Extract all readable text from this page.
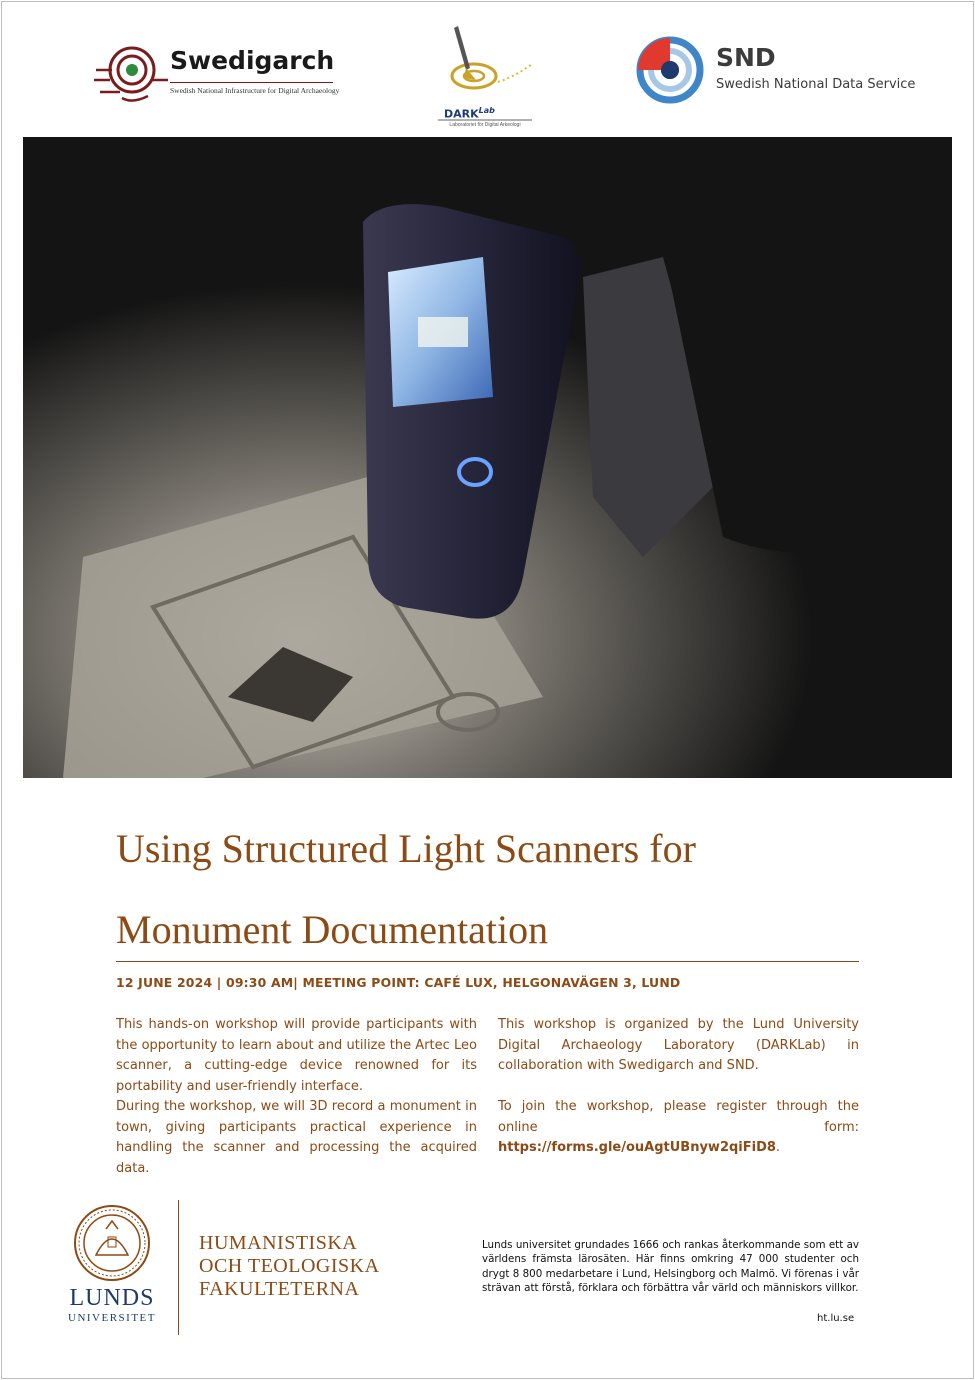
Swedigarch
Swedish National Infrastructure for Digital Archaeology
$DARK^{Lab}$
Laboratoriet för Digital Arkeologi
SND
Swedish National Data Service
Using Structured Light Scanners for
Monument Documentation
12 JUNE 2024 | 09:30 AM| MEETING POINT: CAFÉ LUX, HELGONAVÄGEN 3, LUND

This hands-on workshop will provide participants with the opportunity to learn about and utilize the Artec Leo scanner, a cutting-edge device renowned for its portability and user-friendly interface.

During the workshop, we will 3D record a monument in town, giving participants practical experience in handling the scanner and processing the acquired data.

This workshop is organized by the Lund University Digital Archaeology Laboratory (DARKLab) in collaboration with Swedigarch and SND.

To join the workshop, please register through the online form: https://forms.gle/ouAgtUBnyw2qiFiD8.

LUNDS
UNIVERSITET
HUMANISTISKA
OCH TEOLOGISKA
FAKULTETERNA
Lunds universitet grundades 1666 och rankas återkommande som ett av världens främsta lärosäten. Här finns omkring 47 000 studenter och drygt 8 800 medarbetare i Lund, Helsingborg och Malmö. Vi förenas i vår strävan att förstå, förklara och förbättra vår värld och människors villkor.
ht.lu.se
